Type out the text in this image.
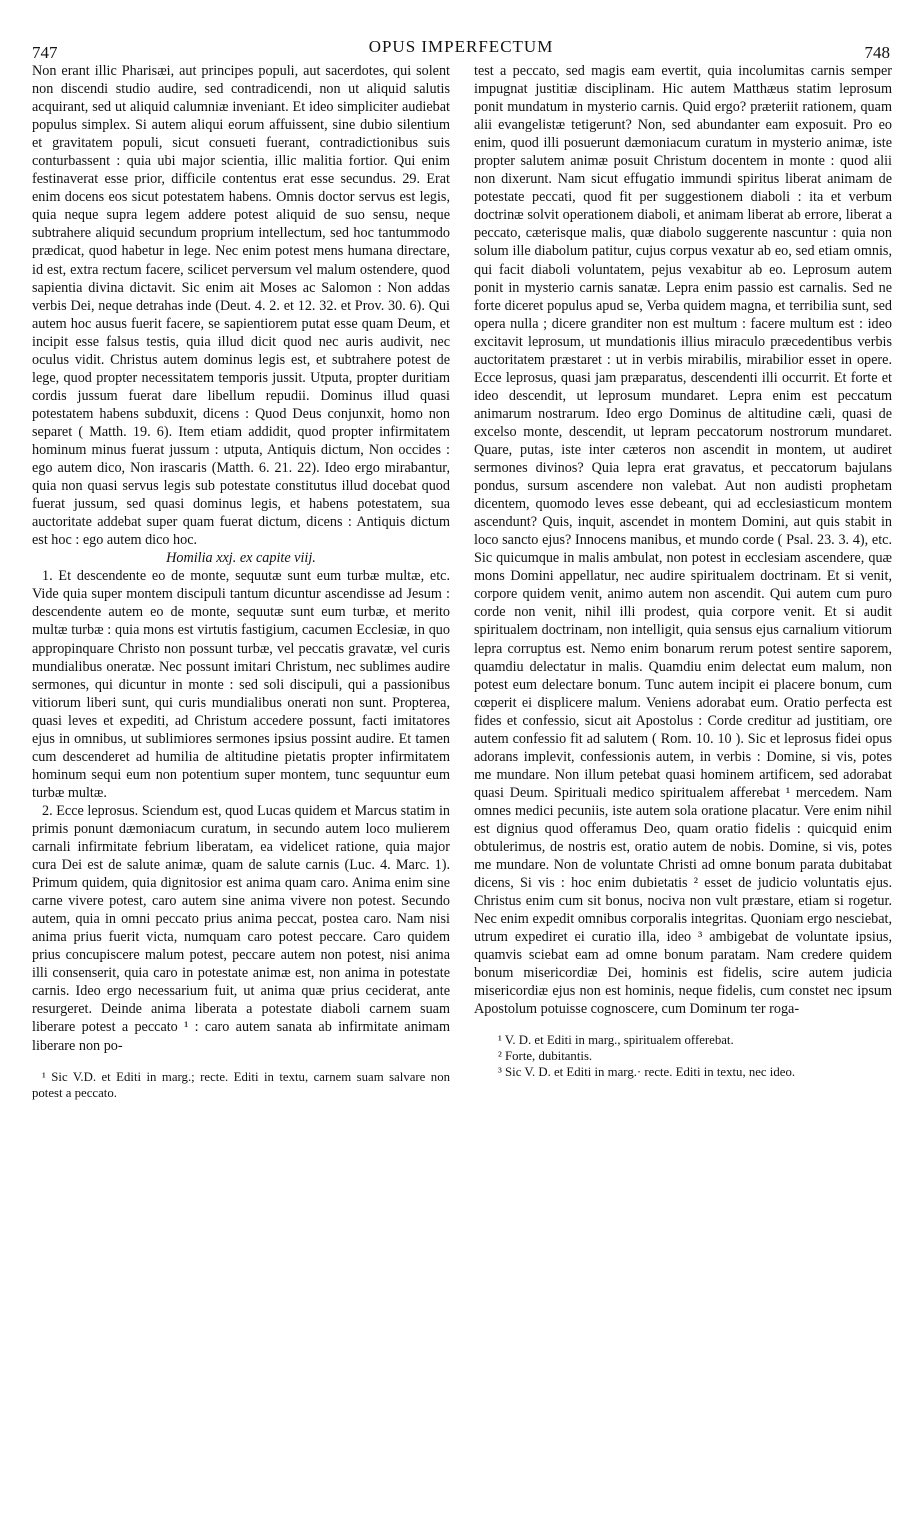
747	OPUS IMPERFECTUM	748

Non erant illic Pharisæi, aut principes populi, aut sacerdotes, qui solent non discendi studio audire, sed contradicendi, non ut aliquid salutis acquirant, sed ut aliquid calumniæ inveniant. Et ideo simpliciter audiebat populus simplex. Si autem aliqui eorum affuissent, sine dubio silentium et gravitatem populi, sicut consueti fuerant, contradictionibus suis conturbassent : quia ubi major scientia, illic malitia fortior. Qui enim festinaverat esse prior, difficile contentus erat esse secundus. 29. Erat enim docens eos sicut potestatem habens. Omnis doctor servus est legis, quia neque supra legem addere potest aliquid de suo sensu, neque subtrahere aliquid secundum proprium intellectum, sed hoc tantummodo prædicat, quod habetur in lege. Nec enim potest mens humana directare, id est, extra rectum facere, scilicet perversum vel malum ostendere, quod sapientia divina dictavit. Sic enim ait Moses ac Salomon : Non addas verbis Dei, neque detrahas inde (Deut. 4. 2. et 12. 32. et Prov. 30. 6). Qui autem hoc ausus fuerit facere, se sapientiorem putat esse quam Deum, et incipit esse falsus testis, quia illud dicit quod nec auris audivit, nec oculus vidit. Christus autem dominus legis est, et subtrahere potest de lege, quod propter necessitatem temporis jussit. Utputa, propter duritiam cordis jussum fuerat dare libellum repudii. Dominus illud quasi potestatem habens subduxit, dicens : Quod Deus conjunxit, homo non separet ( Matth. 19. 6). Item etiam addidit, quod propter infirmitatem hominum minus fuerat jussum : utputa, Antiquis dictum, Non occides : ego autem dico, Non irascaris (Matth. 6. 21. 22). Ideo ergo mirabantur, quia non quasi servus legis sub potestate constitutus illud docebat quod fuerat jussum, sed quasi dominus legis, et habens potestatem, sua auctoritate addebat super quam fuerat dictum, dicens : Antiquis dictum est hoc : ego autem dico hoc.

Homilia xxj. ex capite viij.

1. Et descendente eo de monte, sequutæ sunt eum turbæ multæ, etc. Vide quia super montem discipuli tantum dicuntur ascendisse ad Jesum : descendente autem eo de monte, sequutæ sunt eum turbæ, et merito multæ turbæ : quia mons est virtutis fastigium, cacumen Ecclesiæ, in quo appropinquare Christo non possunt turbæ, vel peccatis gravatæ, vel curis mundialibus oneratæ. Nec possunt imitari Christum, nec sublimes audire sermones, qui dicuntur in monte : sed soli discipuli, qui a passionibus vitiorum liberi sunt, qui curis mundialibus onerati non sunt. Propterea, quasi leves et expediti, ad Christum accedere possunt, facti imitatores ejus in omnibus, ut sublimiores sermones ipsius possint audire. Et tamen cum descenderet ad humilia de altitudine pietatis propter infirmitatem hominum sequi eum non potentium super montem, tunc sequuntur eum turbæ multæ.

2. Ecce leprosus. Sciendum est, quod Lucas quidem et Marcus statim in primis ponunt dæmoniacum curatum, in secundo autem loco mulierem carnali infirmitate febrium liberatam, ea videlicet ratione, quia major cura Dei est de salute animæ, quam de salute carnis (Luc. 4. Marc. 1). Primum quidem, quia dignitosior est anima quam caro. Anima enim sine carne vivere potest, caro autem sine anima vivere non potest. Secundo autem, quia in omni peccato prius anima peccat, postea caro. Nam nisi anima prius fuerit victa, numquam caro potest peccare. Caro quidem prius concupiscere malum potest, peccare autem non potest, nisi anima illi consenserit, quia caro in potestate animæ est, non anima in potestate carnis. Ideo ergo necessarium fuit, ut anima quæ prius ceciderat, ante resurgeret. Deinde anima liberata a potestate diaboli carnem suam liberare potest a peccato ¹ : caro autem sanata ab infirmitate animam liberare non po-

¹ Sic V.D. et Editi in marg.; recte. Editi in textu, carnem suam salvare non potest a peccato.

test a peccato, sed magis eam evertit, quia incolumitas carnis semper impugnat justitiæ disciplinam. Hic autem Matthæus statim leprosum ponit mundatum in mysterio carnis. Quid ergo? præteriit rationem, quam alii evangelistæ tetigerunt? Non, sed abundanter eam exposuit. Pro eo enim, quod illi posuerunt dæmoniacum curatum in mysterio animæ, iste propter salutem animæ posuit Christum docentem in monte : quod alii non dixerunt. Nam sicut effugatio immundi spiritus liberat animam de potestate peccati, quod fit per suggestionem diaboli : ita et verbum doctrinæ solvit operationem diaboli, et animam liberat ab errore, liberat a peccato, cæterisque malis, quæ diabolo suggerente nascuntur : quia non solum ille diabolum patitur, cujus corpus vexatur ab eo, sed etiam omnis, qui facit diaboli voluntatem, pejus vexabitur ab eo. Leprosum autem ponit in mysterio carnis sanatæ. Lepra enim passio est carnalis. Sed ne forte diceret populus apud se, Verba quidem magna, et terribilia sunt, sed opera nulla ; dicere granditer non est multum : facere multum est : ideo excitavit leprosum, ut mundationis illius miraculo præcedentibus verbis auctoritatem præstaret : ut in verbis mirabilis, mirabilior esset in opere. Ecce leprosus, quasi jam præparatus, descendenti illi occurrit. Et forte et ideo descendit, ut leprosum mundaret. Lepra enim est peccatum animarum nostrarum. Ideo ergo Dominus de altitudine cæli, quasi de excelso monte, descendit, ut lepram peccatorum nostrorum mundaret. Quare, putas, iste inter cæteros non ascendit in montem, ut audiret sermones divinos? Quia lepra erat gravatus, et peccatorum bajulans pondus, sursum ascendere non valebat. Aut non audisti prophetam dicentem, quomodo leves esse debeant, qui ad ecclesiasticum montem ascendunt? Quis, inquit, ascendet in montem Domini, aut quis stabit in loco sancto ejus? Innocens manibus, et mundo corde ( Psal. 23. 3. 4), etc. Sic quicumque in malis ambulat, non potest in ecclesiam ascendere, quæ mons Domini appellatur, nec audire spiritualem doctrinam. Et si venit, corpore quidem venit, animo autem non ascendit. Qui autem cum puro corde non venit, nihil illi prodest, quia corpore venit. Et si audit spiritualem doctrinam, non intelligit, quia sensus ejus carnalium vitiorum lepra corruptus est. Nemo enim bonarum rerum potest sentire saporem, quamdiu delectatur in malis. Quamdiu enim delectat eum malum, non potest eum delectare bonum. Tunc autem incipit ei placere bonum, cum cœperit ei displicere malum. Veniens adorabat eum. Oratio perfecta est fides et confessio, sicut ait Apostolus : Corde creditur ad justitiam, ore autem confessio fit ad salutem ( Rom. 10. 10 ). Sic et leprosus fidei opus adorans implevit, confessionis autem, in verbis : Domine, si vis, potes me mundare. Non illum petebat quasi hominem artificem, sed adorabat quasi Deum. Spirituali medico spiritualem afferebat ¹ mercedem. Nam omnes medici pecuniis, iste autem sola oratione placatur. Vere enim nihil est dignius quod offeramus Deo, quam oratio fidelis : quicquid enim obtulerimus, de nostris est, oratio autem de nobis. Domine, si vis, potes me mundare. Non de voluntate Christi ad omne bonum parata dubitabat dicens, Si vis : hoc enim dubietatis ² esset de judicio voluntatis ejus. Christus enim cum sit bonus, nociva non vult præstare, etiam si rogetur. Nec enim expedit omnibus corporalis integritas. Quoniam ergo nesciebat, utrum expediret ei curatio illa, ideo ³ ambigebat de voluntate ipsius, quamvis sciebat eam ad omne bonum paratam. Nam credere quidem bonum misericordiæ Dei, hominis est fidelis, scire autem judicia misericordiæ ejus non est hominis, neque fidelis, cum constet nec ipsum Apostolum potuisse cognoscere, cum Dominum ter roga-

¹ V. D. et Editi in marg., spiritualem offerebat.

² Forte, dubitantis.

³ Sic V. D. et Editi in marg.· recte. Editi in textu, nec ideo.
